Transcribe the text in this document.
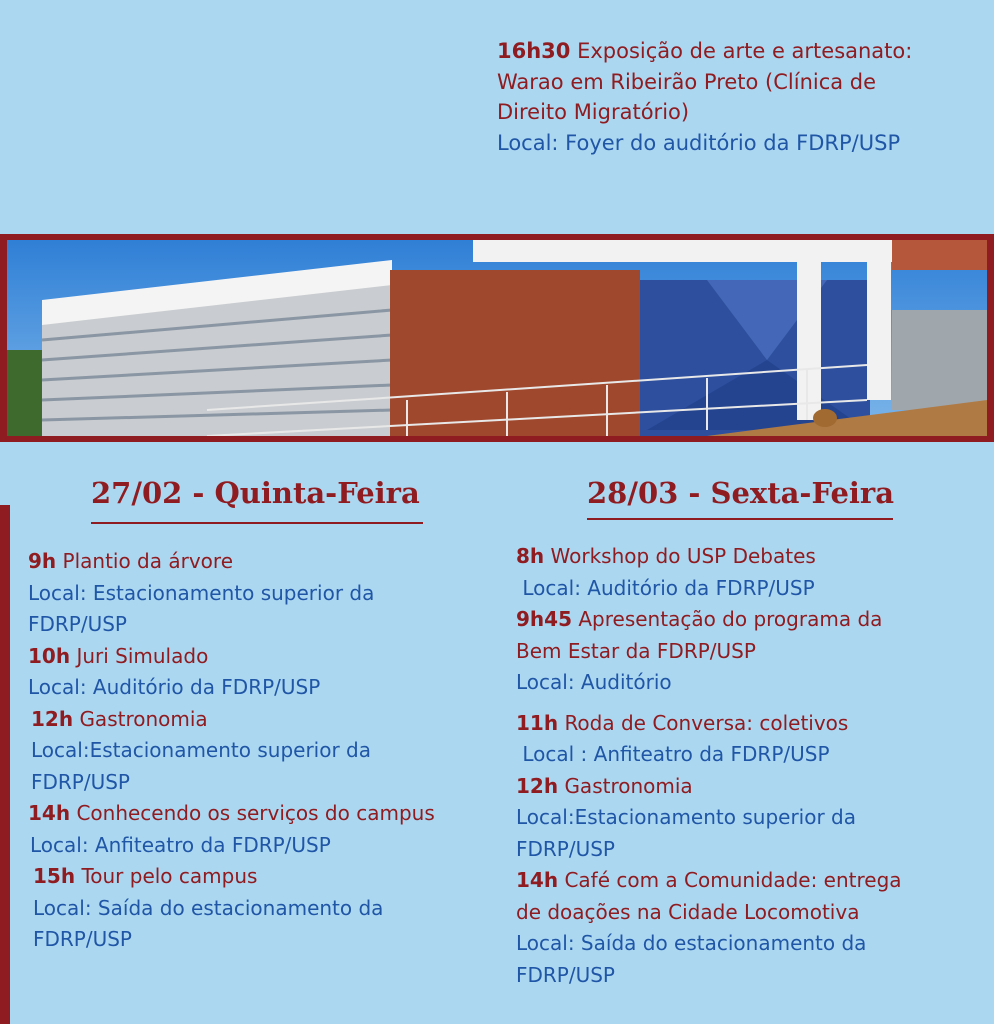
16h30 Exposição de arte e artesanato:
Warao em Ribeirão Preto (Clínica de
Direito Migratório)
Local: Foyer do auditório da FDRP/USP
27/02 - Quinta-Feira	28/03 - Sexta-Feira
9h Plantio da árvore
Local: Estacionamento superior da
FDRP/USP
10h Juri Simulado
Local: Auditório da FDRP/USP
12h Gastronomia
Local:Estacionamento superior da
FDRP/USP
14h Conhecendo os serviços do campus
Local: Anfiteatro da FDRP/USP
15h Tour pelo campus
Local: Saída do estacionamento da
FDRP/USP
8h Workshop do USP Debates
Local: Auditório da FDRP/USP
9h45 Apresentação do programa da
Bem Estar da FDRP/USP
Local: Auditório
11h Roda de Conversa: coletivos
Local : Anfiteatro da FDRP/USP
12h Gastronomia
Local:Estacionamento superior da
FDRP/USP
14h Café com a Comunidade: entrega
de doações na Cidade Locomotiva
Local: Saída do estacionamento da
FDRP/USP
